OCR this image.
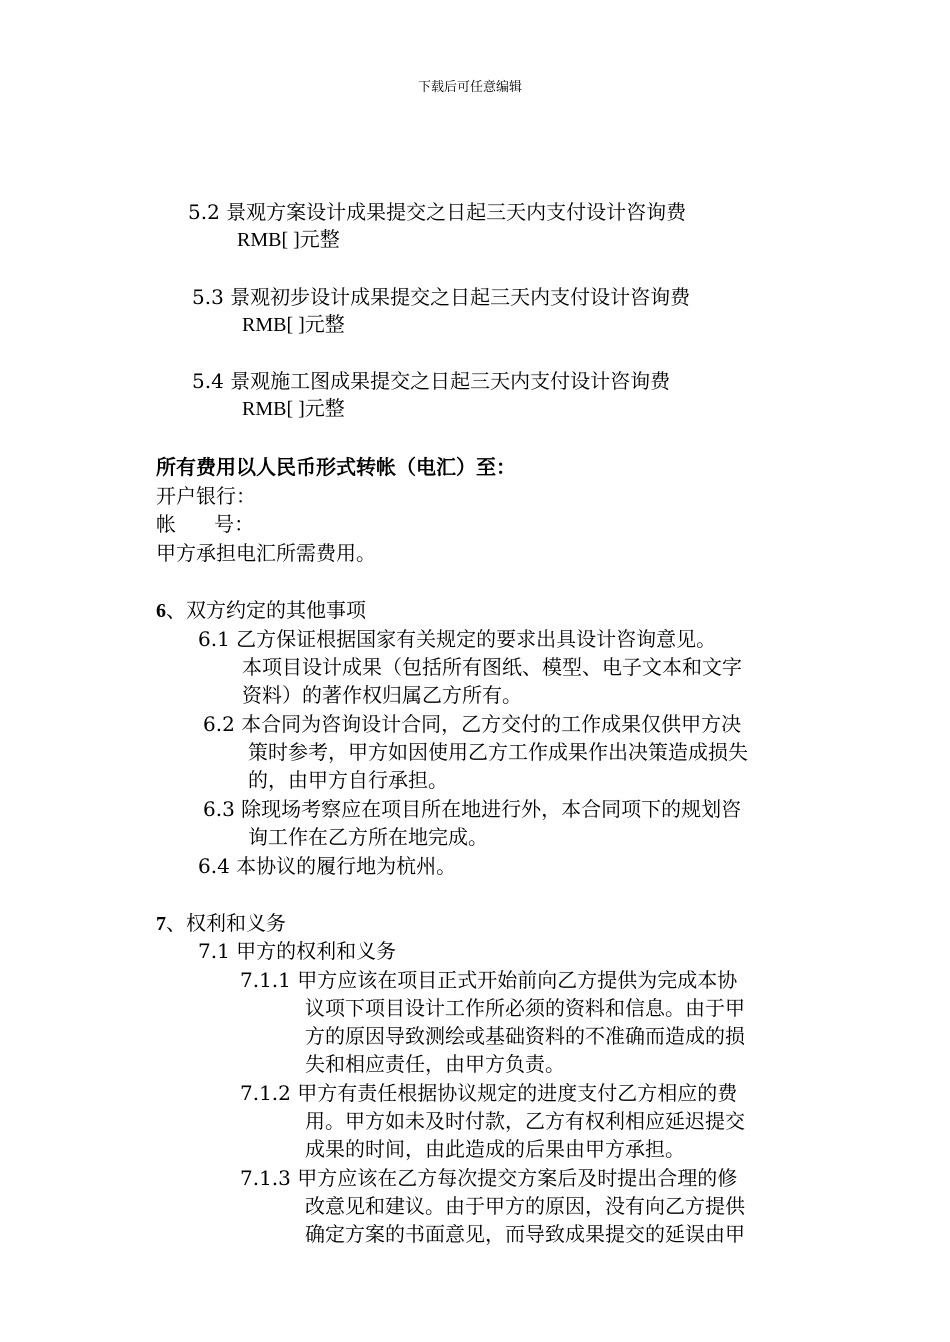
下载后可任意编辑
5.2 景观方案设计成果提交之日起三天内支付设计咨询费
RMB[ ]元整
5.3 景观初步设计成果提交之日起三天内支付设计咨询费
RMB[ ]元整
5.4 景观施工图成果提交之日起三天内支付设计咨询费
RMB[ ]元整
所有费用以人民币形式转帐（电汇）至：
开户银行：
帐      号：
甲方承担电汇所需费用。
6、双方约定的其他事项
6.1 乙方保证根据国家有关规定的要求出具设计咨询意见。
本项目设计成果（包括所有图纸、模型、电子文本和文字
资料）的著作权归属乙方所有。
6.2 本合同为咨询设计合同，乙方交付的工作成果仅供甲方决
策时参考，甲方如因使用乙方工作成果作出决策造成损失
的，由甲方自行承担。
6.3 除现场考察应在项目所在地进行外，本合同项下的规划咨
询工作在乙方所在地完成。
6.4 本协议的履行地为杭州。
7、权利和义务
7.1 甲方的权利和义务
7.1.1 甲方应该在项目正式开始前向乙方提供为完成本协
议项下项目设计工作所必须的资料和信息。由于甲
方的原因导致测绘或基础资料的不准确而造成的损
失和相应责任，由甲方负责。
7.1.2 甲方有责任根据协议规定的进度支付乙方相应的费
用。甲方如未及时付款，乙方有权利相应延迟提交
成果的时间，由此造成的后果由甲方承担。
7.1.3 甲方应该在乙方每次提交方案后及时提出合理的修
改意见和建议。由于甲方的原因，没有向乙方提供
确定方案的书面意见，而导致成果提交的延误由甲
